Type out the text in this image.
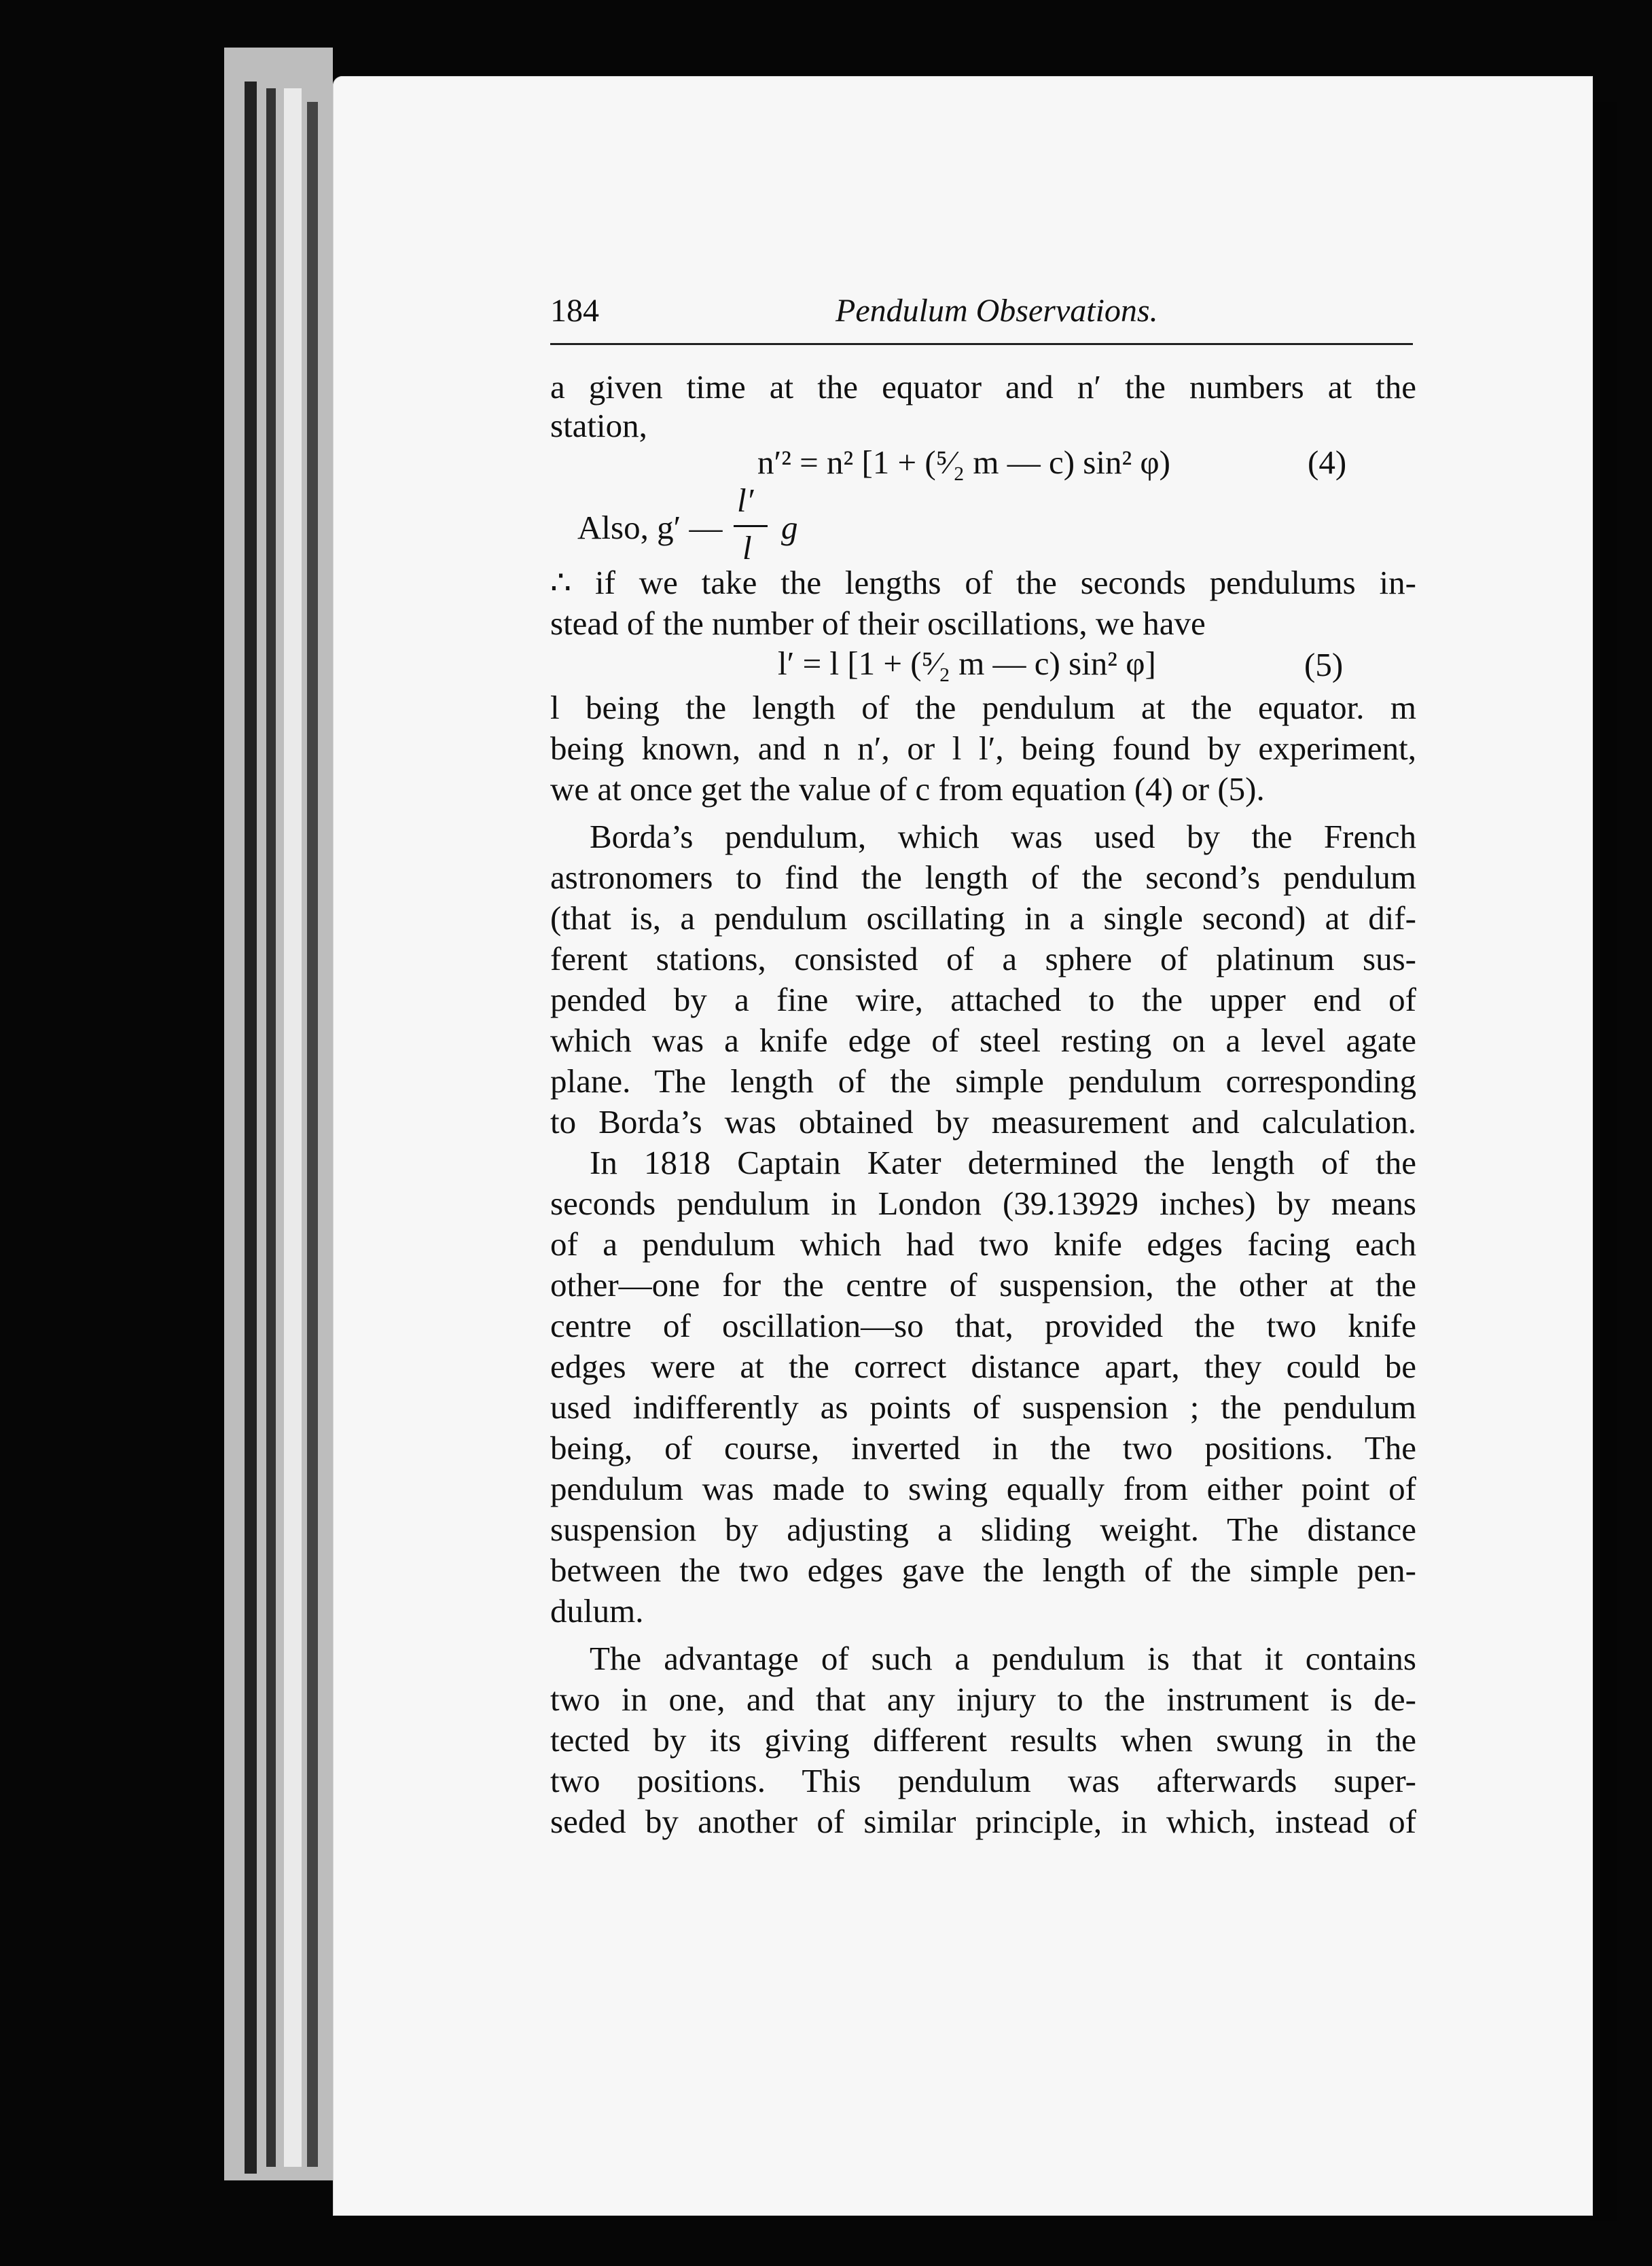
184	Pendulum Observations.
a given time at the equator and n′ the numbers at the
station,
n′² = n² [1 + (⁵⁄₂ m — c) sin² φ)	(4)
Also, g′ —
l′
l
g
∴ if we take the lengths of the seconds pendulums in-
stead of the number of their oscillations, we have
l′ = l [1 + (⁵⁄₂ m — c) sin² φ]	(5)
l being the length of the pendulum at the equator. m
being known, and n n′, or l l′, being found by experiment,
we at once get the value of c from equation (4) or (5).
Borda’s pendulum, which was used by the French
astronomers to find the length of the second’s pendulum
(that is, a pendulum oscillating in a single second) at dif-
ferent stations, consisted of a sphere of platinum sus-
pended by a fine wire, attached to the upper end of
which was a knife edge of steel resting on a level agate
plane. The length of the simple pendulum corresponding
to Borda’s was obtained by measurement and calculation.
In 1818 Captain Kater determined the length of the
seconds pendulum in London (39.13929 inches) by means
of a pendulum which had two knife edges facing each
other—one for the centre of suspension, the other at the
centre of oscillation—so that, provided the two knife
edges were at the correct distance apart, they could be
used indifferently as points of suspension ; the pendulum
being, of course, inverted in the two positions. The
pendulum was made to swing equally from either point of
suspension by adjusting a sliding weight. The distance
between the two edges gave the length of the simple pen-
dulum.
The advantage of such a pendulum is that it contains
two in one, and that any injury to the instrument is de-
tected by its giving different results when swung in the
two positions. This pendulum was afterwards super-
seded by another of similar principle, in which, instead of
